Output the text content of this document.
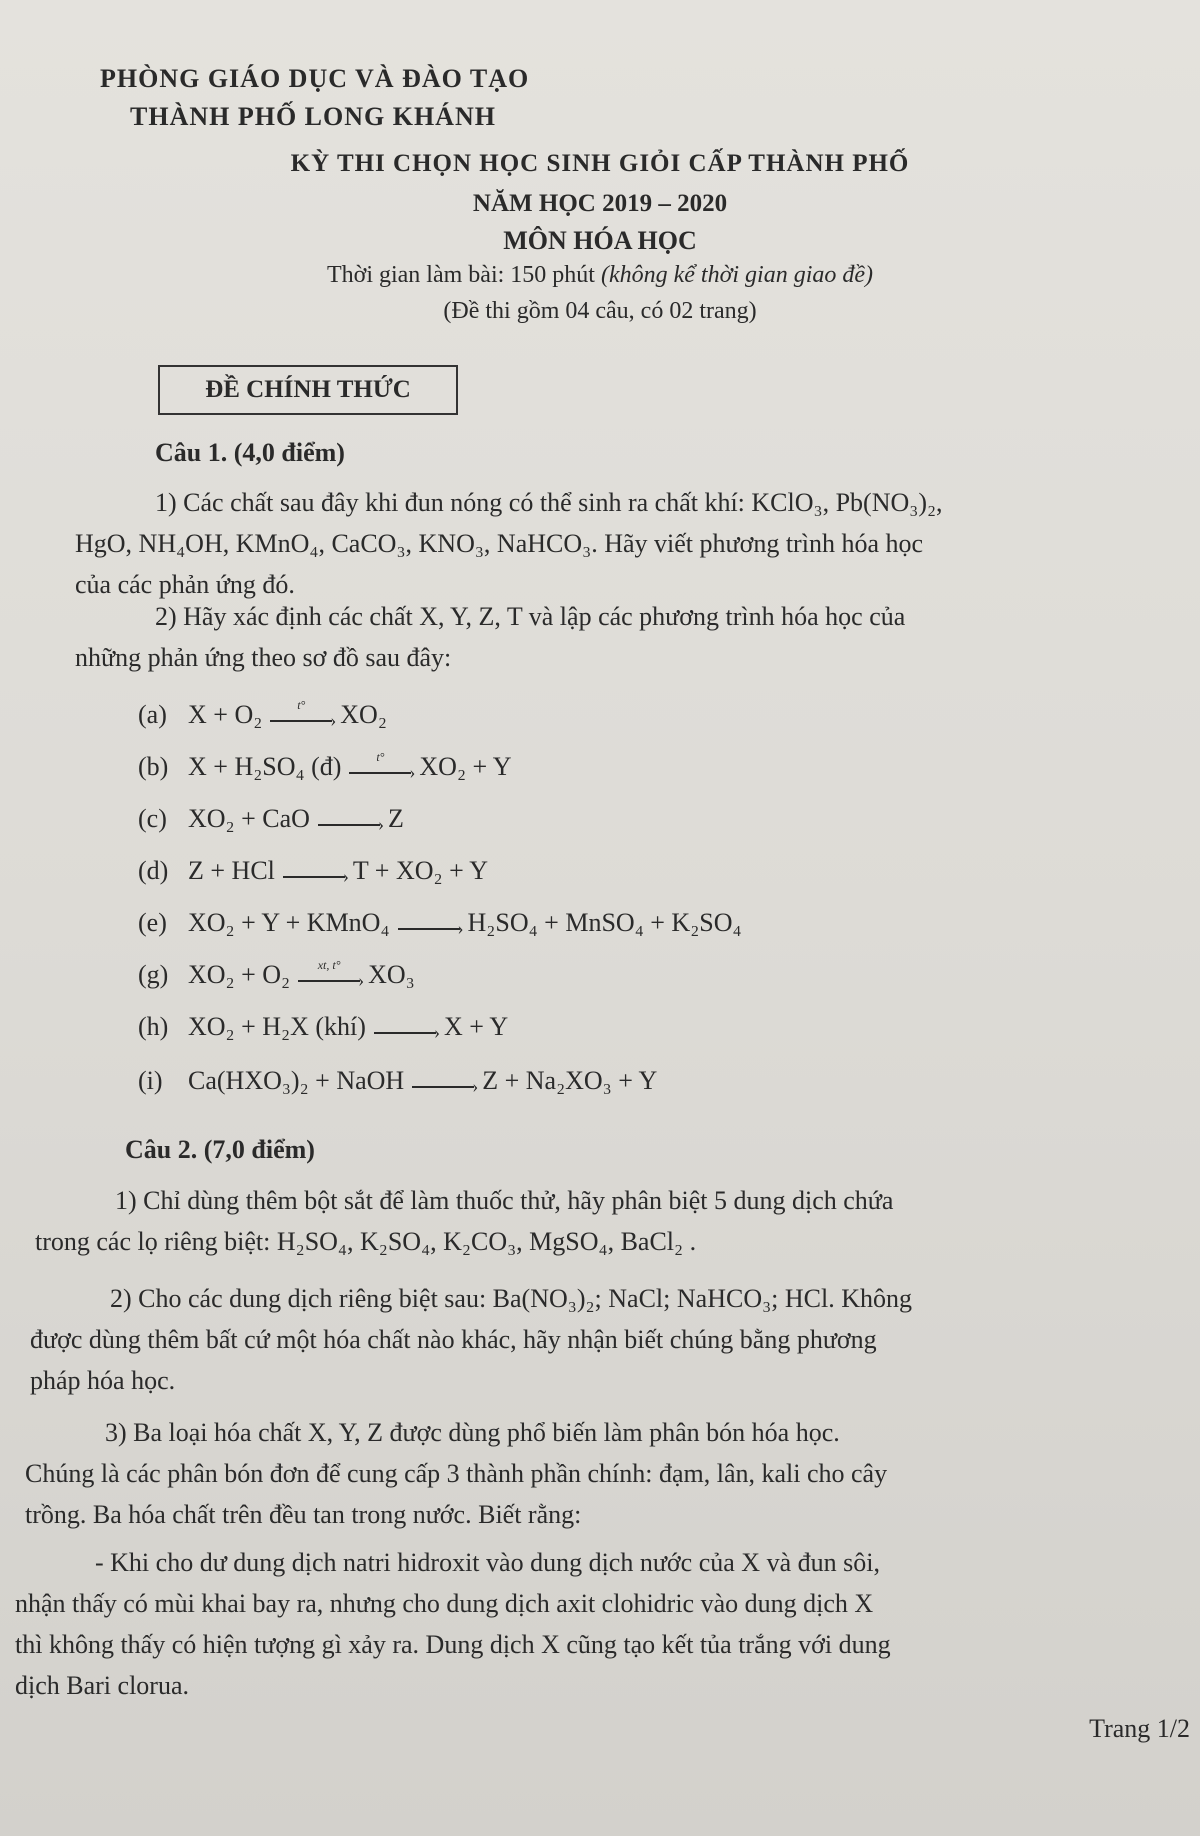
PHÒNG GIÁO DỤC VÀ ĐÀO TẠO
THÀNH PHỐ LONG KHÁNH
KỲ THI CHỌN HỌC SINH GIỎI CẤP THÀNH PHỐ
NĂM HỌC 2019 – 2020
MÔN HÓA HỌC
Thời gian làm bài: 150 phút (không kể thời gian giao đề)
(Đề thi gồm 04 câu, có 02 trang)
ĐỀ CHÍNH THỨC
Câu 1. (4,0 điểm)
1) Các chất sau đây khi đun nóng có thể sinh ra chất khí: KClO₃, Pb(NO₃)₂,
HgO, NH₄OH, KMnO₄, CaCO₃, KNO₃, NaHCO₃. Hãy viết phương trình hóa học
của các phản ứng đó.
2) Hãy xác định các chất X, Y, Z, T và lập các phương trình hóa học của
những phản ứng theo sơ đồ sau đây:
(a) X + O₂	t°
› XO₂
(b) X + H₂SO₄ (đ)	t°
› XO₂ + Y
(c) XO₂ + CaO	› Z
(d) Z + HCl	› T + XO₂ + Y
(e) XO₂ + Y + KMnO₄	› H₂SO₄ + MnSO₄ + K₂SO₄
(g) XO₂ + O₂	xt, t°
› XO₃
(h) XO₂ + H₂X (khí)	› X + Y
(i) Ca(HXO₃)₂ + NaOH	› Z + Na₂XO₃ + Y
Câu 2. (7,0 điểm)
1) Chỉ dùng thêm bột sắt để làm thuốc thử, hãy phân biệt 5 dung dịch chứa
trong các lọ riêng biệt: H₂SO₄, K₂SO₄, K₂CO₃, MgSO₄, BaCl₂ .
2) Cho các dung dịch riêng biệt sau: Ba(NO₃)₂; NaCl; NaHCO₃; HCl. Không
được dùng thêm bất cứ một hóa chất nào khác, hãy nhận biết chúng bằng phương
pháp hóa học.
3) Ba loại hóa chất X, Y, Z được dùng phổ biến làm phân bón hóa học.
Chúng là các phân bón đơn để cung cấp 3 thành phần chính: đạm, lân, kali cho cây
trồng. Ba hóa chất trên đều tan trong nước. Biết rằng:
- Khi cho dư dung dịch natri hidroxit vào dung dịch nước của X và đun sôi,
nhận thấy có mùi khai bay ra, nhưng cho dung dịch axit clohidric vào dung dịch X
thì không thấy có hiện tượng gì xảy ra. Dung dịch X cũng tạo kết tủa trắng với dung
dịch Bari clorua.
Trang 1/2
